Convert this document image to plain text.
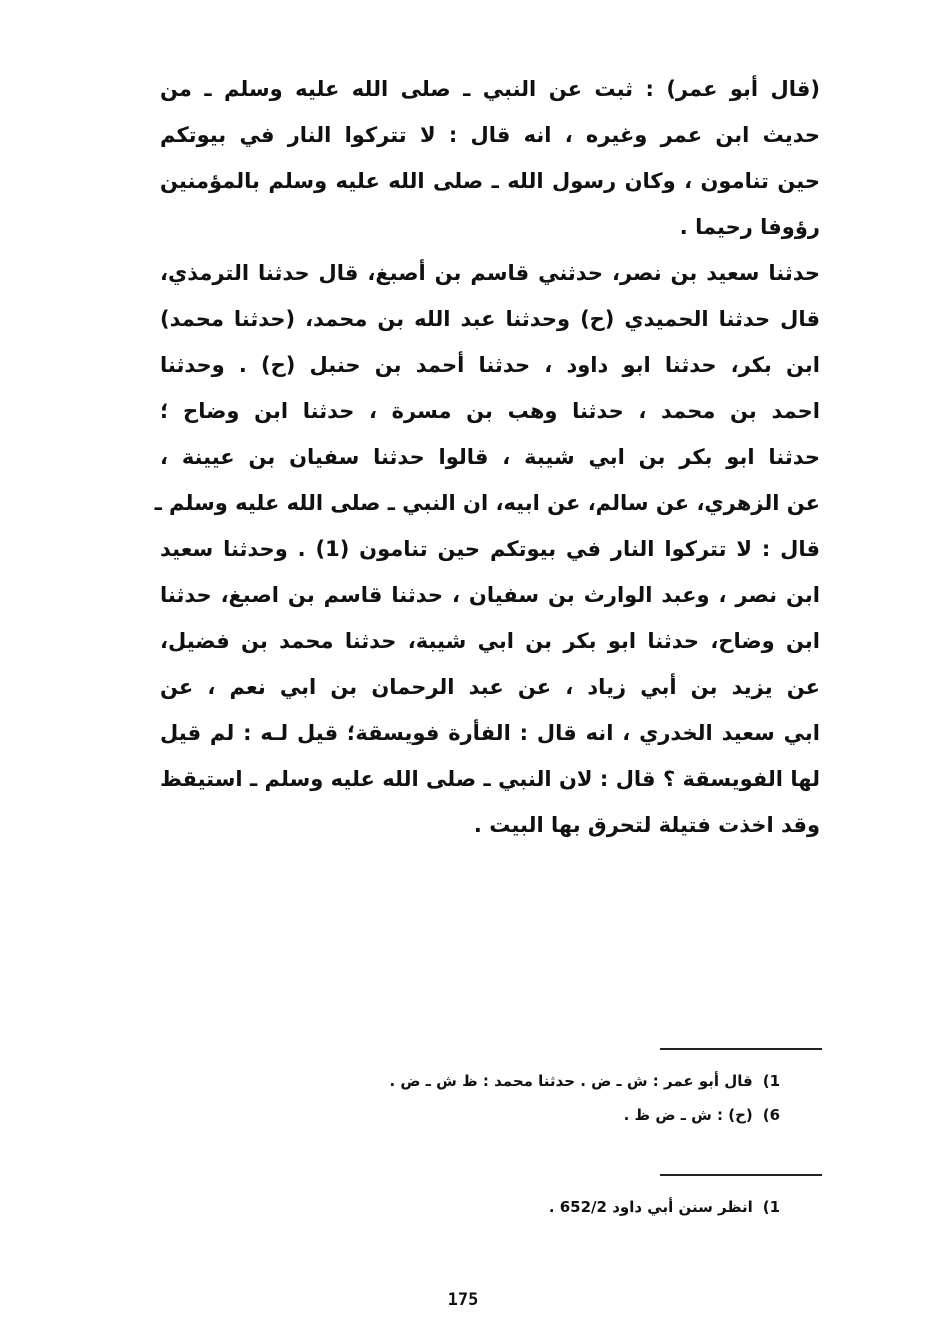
(قال أبو عمر) : ثبت عن النبي ـ صلى الله عليه وسلم ـ من
حديث ابن عمر وغيره ، انه قال : لا تتركوا النار في بيوتكم
حين تنامون ، وكان رسول الله ـ صلى الله عليه وسلم بالمؤمنين
رؤوفا رحيما .
حدثنا سعيد بن نصر، حدثني قاسم بن أصبغ، قال حدثنا الترمذي،
قال حدثنا الحميدي (ح) وحدثنا عبد الله بن محمد، (حدثنا محمد)
ابن بكر، حدثنا ابو داود ، حدثنا أحمد بن حنبل (ح) . وحدثنا
احمد بن محمد ، حدثنا وهب بن مسرة ، حدثنا ابن وضاح ؛
حدثنا ابو بكر بن ابي شيبة ، قالوا حدثنا سفيان بن عيينة ،
عن الزهري، عن سالم، عن ابيه، ان النبي ـ صلى الله عليه وسلم ـ
قال : لا تتركوا النار في بيوتكم حين تنامون (1) . وحدثنا سعيد
ابن نصر ، وعبد الوارث بن سفيان ، حدثنا قاسم بن اصبغ، حدثنا
ابن وضاح، حدثنا ابو بكر بن ابي شيبة، حدثنا محمد بن فضيل،
عن يزيد بن أبي زياد ، عن عبد الرحمان بن ابي نعم ، عن
ابي سعيد الخدري ، انه قال : الفأرة فويسقة؛ قيل لـه : لم قيل
لها الفويسقة ؟ قال : لان النبي ـ صلى الله عليه وسلم ـ استيقظ
وقد اخذت فتيلة لتحرق بها البيت .
1) قال أبو عمر : ش ـ ض . حدثنا محمد : ظ ش ـ ض .
6) (ح) : ش ـ ض ظ .
1) انظر سنن أبي داود 652/2 .
175
